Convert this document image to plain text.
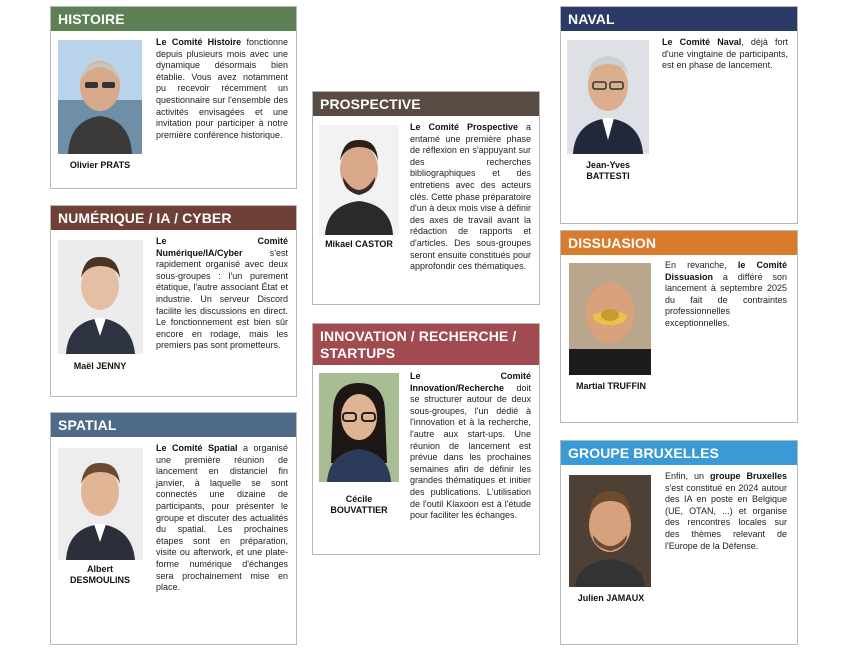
HISTOIRE
Olivier PRATS
Le Comité Histoire fonctionne depuis plusieurs mois avec une dynamique désormais bien établie. Vous avez notamment pu recevoir récemment un questionnaire sur l'ensemble des activités envisagées et une invitation pour participer à notre première conférence historique.
NUMÉRIQUE / IA / CYBER
Maël JENNY
Le Comité Numérique/IA/Cyber s'est rapidement organisé avec deux sous-groupes : l'un purement étatique, l'autre associant État et industrie. Un serveur Discord facilite les discussions en direct. Le fonctionnement est bien sûr encore en rodage, mais les premiers pas sont prometteurs.
SPATIAL
Albert
DESMOULINS
Le Comité Spatial a organisé une première réunion de lancement en distanciel fin janvier, à laquelle se sont connectés une dizaine de participants, pour présenter le groupe et discuter des actualités du spatial. Les prochaines étapes sont en préparation, visite ou afterwork, et une plate-forme numérique d'échanges sera prochainement mise en place.
PROSPECTIVE
Mikael CASTOR
Le Comité Prospective a entamé une première phase de réflexion en s'appuyant sur des recherches bibliographiques et des entretiens avec des acteurs clés. Cette phase préparatoire d'un à deux mois vise à définir des axes de travail avant la rédaction de rapports et d'articles. Des sous-groupes seront ensuite constitués pour approfondir ces thématiques.
INNOVATION / RECHERCHE / STARTUPS
Cécile
BOUVATTIER
Le Comité Innovation/Recherche doit se structurer autour de deux sous-groupes, l'un dédié à l'innovation et à la recherche, l'autre aux start-ups. Une réunion de lancement est prévue dans les prochaines semaines afin de définir les grandes thématiques et initier des publications. L'utilisation de l'outil Klaxoon est à l'étude pour faciliter les échanges.
NAVAL
Jean-Yves
BATTESTI
Le Comité Naval, déjà fort d'une vingtaine de participants, est en phase de lancement.
DISSUASION
Martial TRUFFIN
En revanche, le Comité Dissuasion a différé son lancement à septembre 2025 du fait de contraintes professionnelles exceptionnelles.
GROUPE BRUXELLES
Julien JAMAUX
Enfin, un groupe Bruxelles s'est constitué en 2024 autour des IA en poste en Belgique (UE, OTAN, ...) et organise des rencontres locales sur des thèmes relevant de l'Europe de la Défense.
